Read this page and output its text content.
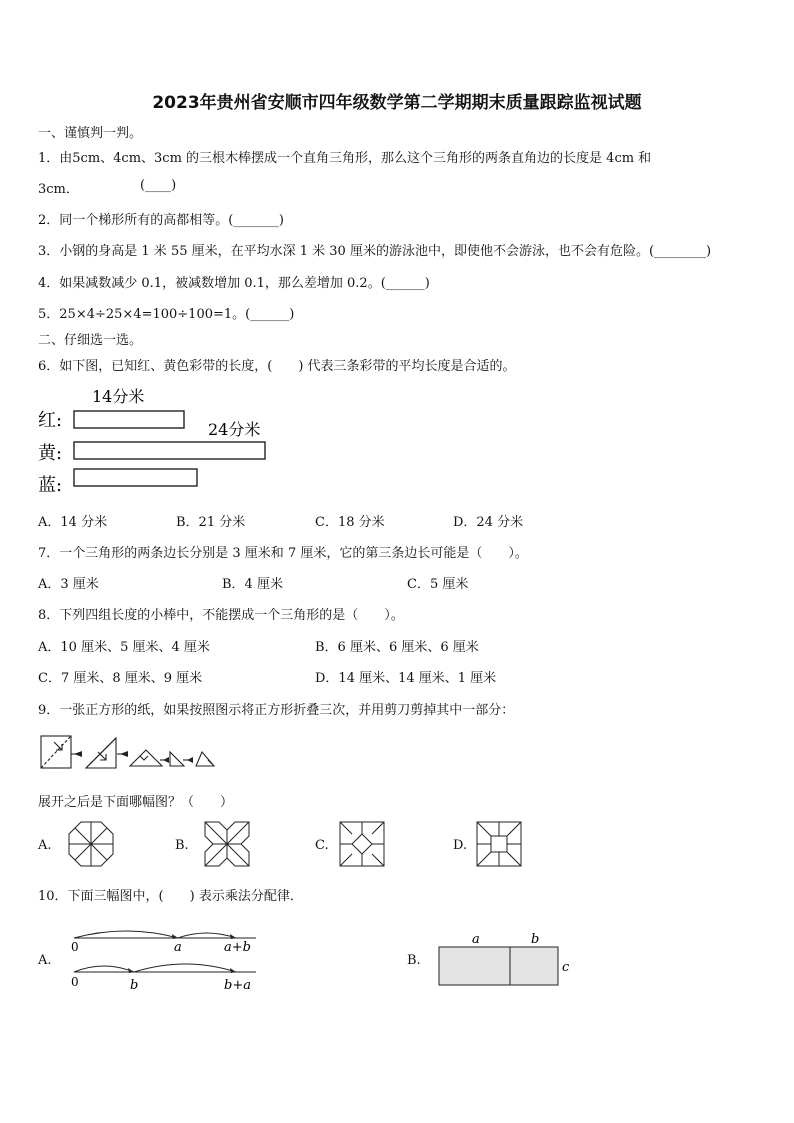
2023年贵州省安顺市四年级数学第二学期期末质量跟踪监视试题
一、谨慎判一判。
1．由5cm、4cm、3cm 的三根木棒摆成一个直角三角形，那么这个三角形的两条直角边的长度是 4cm 和
3cm．	(____)
2．同一个梯形所有的高都相等。(_______)
3．小钢的身高是 1 米 55 厘米，在平均水深 1 米 30 厘米的游泳池中，即使他不会游泳，也不会有危险。(________)
4．如果减数减少 0.1，被减数增加 0.1，那么差增加 0.2。(______)
5．25×4÷25×4=100÷100=1。(______)
二、仔细选一选。
6．如下图，已知红、黄色彩带的长度，(　　) 代表三条彩带的平均长度是合适的。
14分米
24分米
红:
黄:
蓝:
A．14 分米	B．21 分米	C．18 分米	D．24 分米
7．一个三角形的两条边长分别是 3 厘米和 7 厘米，它的第三条边长可能是（　　）。
A．3 厘米	B．4 厘米	C．5 厘米
8．下列四组长度的小棒中，不能摆成一个三角形的是（　　）。
A．10 厘米、5 厘米、4 厘米	B．6 厘米、6 厘米、6 厘米
C．7 厘米、8 厘米、9 厘米	D．14 厘米、14 厘米、1 厘米
9．一张正方形的纸，如果按照图示将正方形折叠三次，并用剪刀剪掉其中一部分：
展开之后是下面哪幅图？（　　）
A.	B.	C.	D.
10．下面三幅图中，(　　) 表示乘法分配律．
A.
0	a	a+b
0	b	b+a
B.
a	b
c
